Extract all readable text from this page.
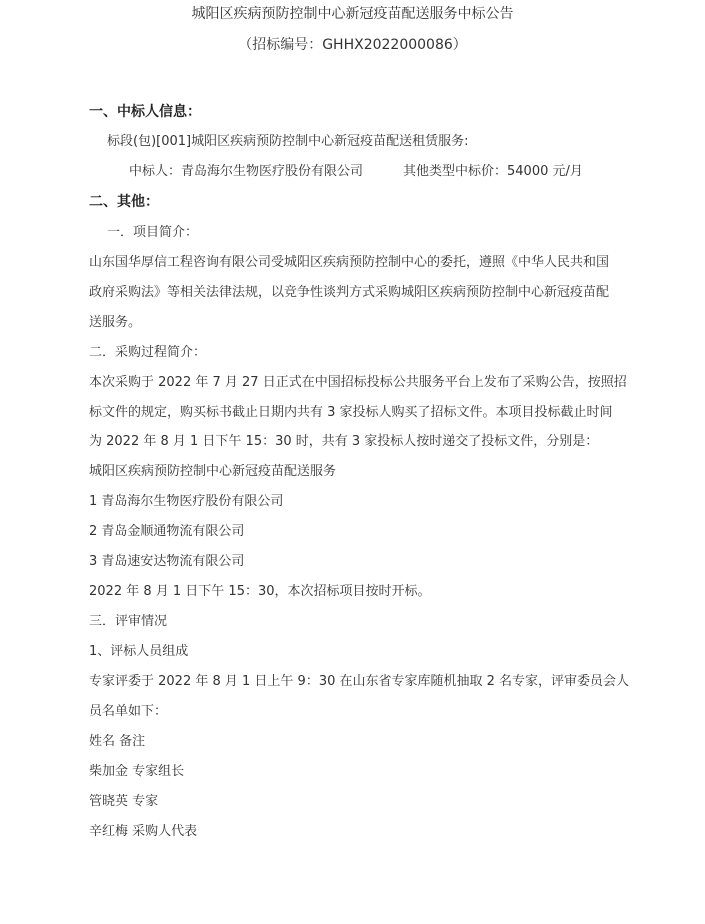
城阳区疾病预防控制中心新冠疫苗配送服务中标公告
（招标编号：GHHX2022000086）
一、中标人信息：
标段(包)[001]城阳区疾病预防控制中心新冠疫苗配送租赁服务:
中标人：青岛海尔生物医疗股份有限公司	其他类型中标价：54000 元/月
二、其他：
一．项目简介：
山东国华厚信工程咨询有限公司受城阳区疾病预防控制中心的委托，遵照《中华人民共和国
政府采购法》等相关法律法规，以竞争性谈判方式采购城阳区疾病预防控制中心新冠疫苗配
送服务。
二．采购过程简介：
本次采购于 2022 年 7 月 27 日正式在中国招标投标公共服务平台上发布了采购公告，按照招
标文件的规定，购买标书截止日期内共有 3 家投标人购买了招标文件。本项目投标截止时间
为 2022 年 8 月 1 日下午 15：30 时，共有 3 家投标人按时递交了投标文件，分别是：
城阳区疾病预防控制中心新冠疫苗配送服务
1 青岛海尔生物医疗股份有限公司
2 青岛金顺通物流有限公司
3 青岛速安达物流有限公司
2022 年 8 月 1 日下午 15：30，本次招标项目按时开标。
三．评审情况
1、评标人员组成
专家评委于 2022 年 8 月 1 日上午 9：30 在山东省专家库随机抽取 2 名专家，评审委员会人
员名单如下：
姓名 备注
柴加金 专家组长
管晓英 专家
辛红梅 采购人代表
